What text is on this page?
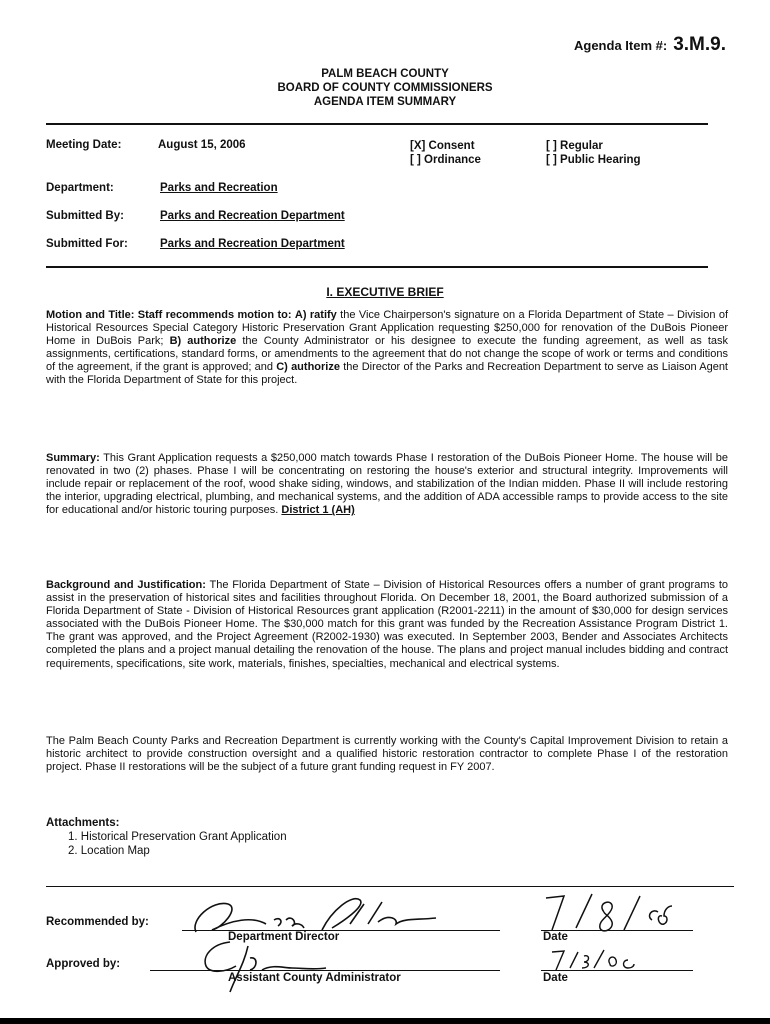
Agenda Item #: 3.M.9.
PALM BEACH COUNTY
BOARD OF COUNTY COMMISSIONERS
AGENDA ITEM SUMMARY
Meeting Date:	August 15, 2006	[X] Consent
[ ] Ordinance
[ ] Regular
[ ] Public Hearing
Department:	Parks and Recreation
Submitted By:	Parks and Recreation Department
Submitted For:	Parks and Recreation Department
I. EXECUTIVE BRIEF
Motion and Title: Staff recommends motion to: A) ratify the Vice Chairperson's signature on a Florida Department of State – Division of Historical Resources Special Category Historic Preservation Grant Application requesting $250,000 for renovation of the DuBois Pioneer Home in DuBois Park; B) authorize the County Administrator or his designee to execute the funding agreement, as well as task assignments, certifications, standard forms, or amendments to the agreement that do not change the scope of work or terms and conditions of the agreement, if the grant is approved; and C) authorize the Director of the Parks and Recreation Department to serve as Liaison Agent with the Florida Department of State for this project.
Summary: This Grant Application requests a $250,000 match towards Phase I restoration of the DuBois Pioneer Home. The house will be renovated in two (2) phases. Phase I will be concentrating on restoring the house's exterior and structural integrity. Improvements will include repair or replacement of the roof, wood shake siding, windows, and stabilization of the Indian midden. Phase II will include restoring the interior, upgrading electrical, plumbing, and mechanical systems, and the addition of ADA accessible ramps to provide access to the site for educational and/or historic touring purposes. District 1 (AH)
Background and Justification: The Florida Department of State – Division of Historical Resources offers a number of grant programs to assist in the preservation of historical sites and facilities throughout Florida. On December 18, 2001, the Board authorized submission of a Florida Department of State - Division of Historical Resources grant application (R2001-2211) in the amount of $30,000 for design services associated with the DuBois Pioneer Home. The $30,000 match for this grant was funded by the Recreation Assistance Program District 1. The grant was approved, and the Project Agreement (R2002-1930) was executed. In September 2003, Bender and Associates Architects completed the plans and a project manual detailing the renovation of the house. The plans and project manual includes bidding and contract requirements, specifications, site work, materials, finishes, specialties, mechanical and electrical systems.
The Palm Beach County Parks and Recreation Department is currently working with the County's Capital Improvement Division to retain a historic architect to provide construction oversight and a qualified historic restoration contractor to complete Phase I of the restoration project. Phase II restorations will be the subject of a future grant funding request in FY 2007.
Attachments:
1. Historical Preservation Grant Application
2. Location Map
Recommended by:
Department Director	Date
Approved by:
Assistant County Administrator	Date
